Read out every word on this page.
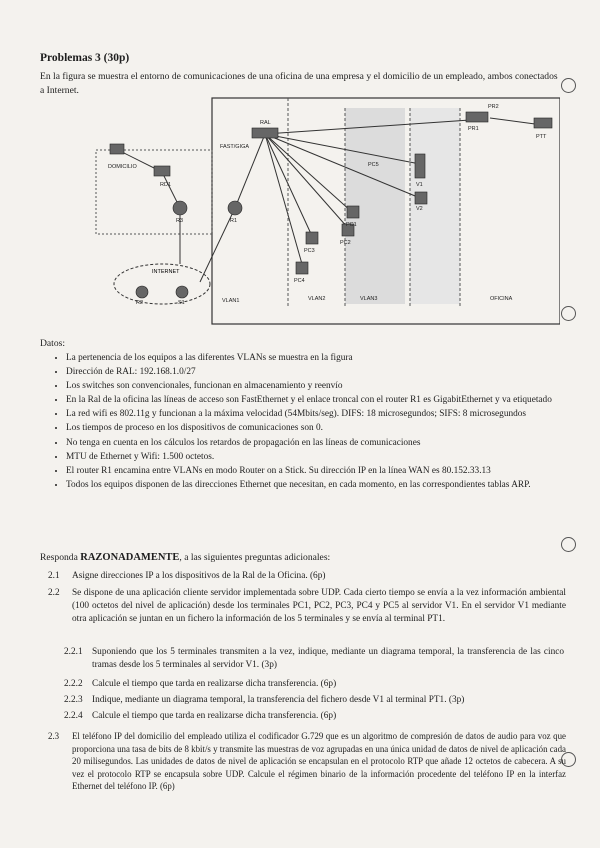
Problemas 3 (30p)
En la figura se muestra el entorno de comunicaciones de una oficina de una empresa y el domicilio de un empleado, ambos conectados a Internet.
INTERNET
RAL
FAST/GIGA
PR1
PR2
PTT
DOMICILIO
RD1
R3	R1
R2	S1
V1
V2
PC1
PC2
PC3
PC4
PC5
VLAN1	VLAN2	VLAN3	OFICINA
Datos:
• La pertenencia de los equipos a las diferentes VLANs se muestra en la figura
• Dirección de RAL: 192.168.1.0/27
• Los switches son convencionales, funcionan en almacenamiento y reenvío
• En la Ral de la oficina las líneas de acceso son FastEthernet y el enlace troncal con el router R1 es GigabitEthernet y va etiquetado
• La red wifi es 802.11g y funcionan a la máxima velocidad (54Mbits/seg). DIFS: 18 microsegundos; SIFS: 8 microsegundos
• Los tiempos de proceso en los dispositivos de comunicaciones son 0.
• No tenga en cuenta en los cálculos los retardos de propagación en las líneas de comunicaciones
• MTU de Ethernet y Wifi: 1.500 octetos.
• El router R1 encamina entre VLANs en modo Router on a Stick. Su dirección IP en la línea WAN es 80.152.33.13
• Todos los equipos disponen de las direcciones Ethernet que necesitan, en cada momento, en las correspondientes tablas ARP.
Responda RAZONADAMENTE, a las siguientes preguntas adicionales:
2.1 Asigne direcciones IP a los dispositivos de la Ral de la Oficina. (6p)
2.2 Se dispone de una aplicación cliente servidor implementada sobre UDP. Cada cierto tiempo se envía a la vez información ambiental (100 octetos del nivel de aplicación) desde los terminales PC1, PC2, PC3, PC4 y PC5 al servidor V1. En el servidor V1 mediante otra aplicación se juntan en un fichero la información de los 5 terminales y se envía al terminal PT1.
2.2.1 Suponiendo que los 5 terminales transmiten a la vez, indique, mediante un diagrama temporal, la transferencia de las cinco tramas desde los 5 terminales al servidor V1. (3p)
2.2.2 Calcule el tiempo que tarda en realizarse dicha transferencia. (6p)
2.2.3 Indique, mediante un diagrama temporal, la transferencia del fichero desde V1 al terminal PT1. (3p)
2.2.4 Calcule el tiempo que tarda en realizarse dicha transferencia. (6p)
2.3 El teléfono IP del domicilio del empleado utiliza el codificador G.729 que es un algoritmo de compresión de datos de audio para voz que proporciona una tasa de bits de 8 kbit/s y transmite las muestras de voz agrupadas en una única unidad de datos de nivel de aplicación cada 20 milisegundos. Las unidades de datos de nivel de aplicación se encapsulan en el protocolo RTP que añade 12 octetos de cabecera. A su vez el protocolo RTP se encapsula sobre UDP. Calcule el régimen binario de la información procedente del teléfono IP en la interfaz Ethernet del teléfono IP. (6p)
